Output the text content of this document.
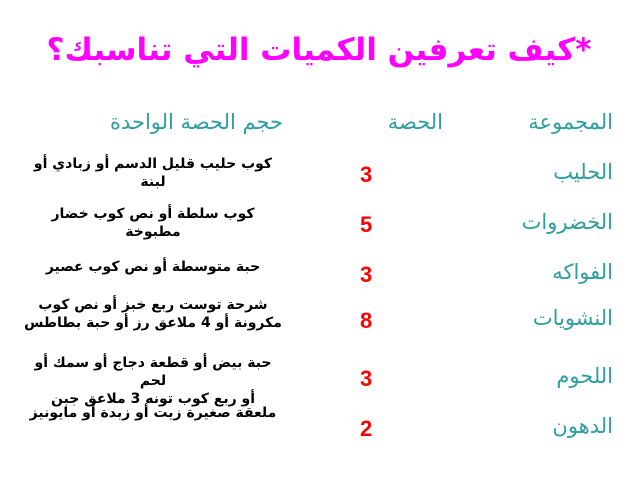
*كيف تعرفين الكميات التي تناسبك؟
المجموعة
الحصة
حجم الحصة الواحدة
الحليب
3
كوب حليب قليل الدسم أو زبادي أو لبنة
الخضروات
5
كوب سلطة أو نص كوب خضار مطبوخة
الفواكه
3
حبة متوسطة أو نص كوب عصير
النشويات
8
شرحة توست ربع خبز أو نص كوب
مكرونة أو 4 ملاعق رز أو حبة بطاطس
اللحوم
3
حبة بيض أو قطعة دجاج أو سمك أو لحم
أو ربع كوب تونه 3 ملاعق جبن
الدهون
2
ملعقة صغيرة زيت أو زبدة أو مايونيز
